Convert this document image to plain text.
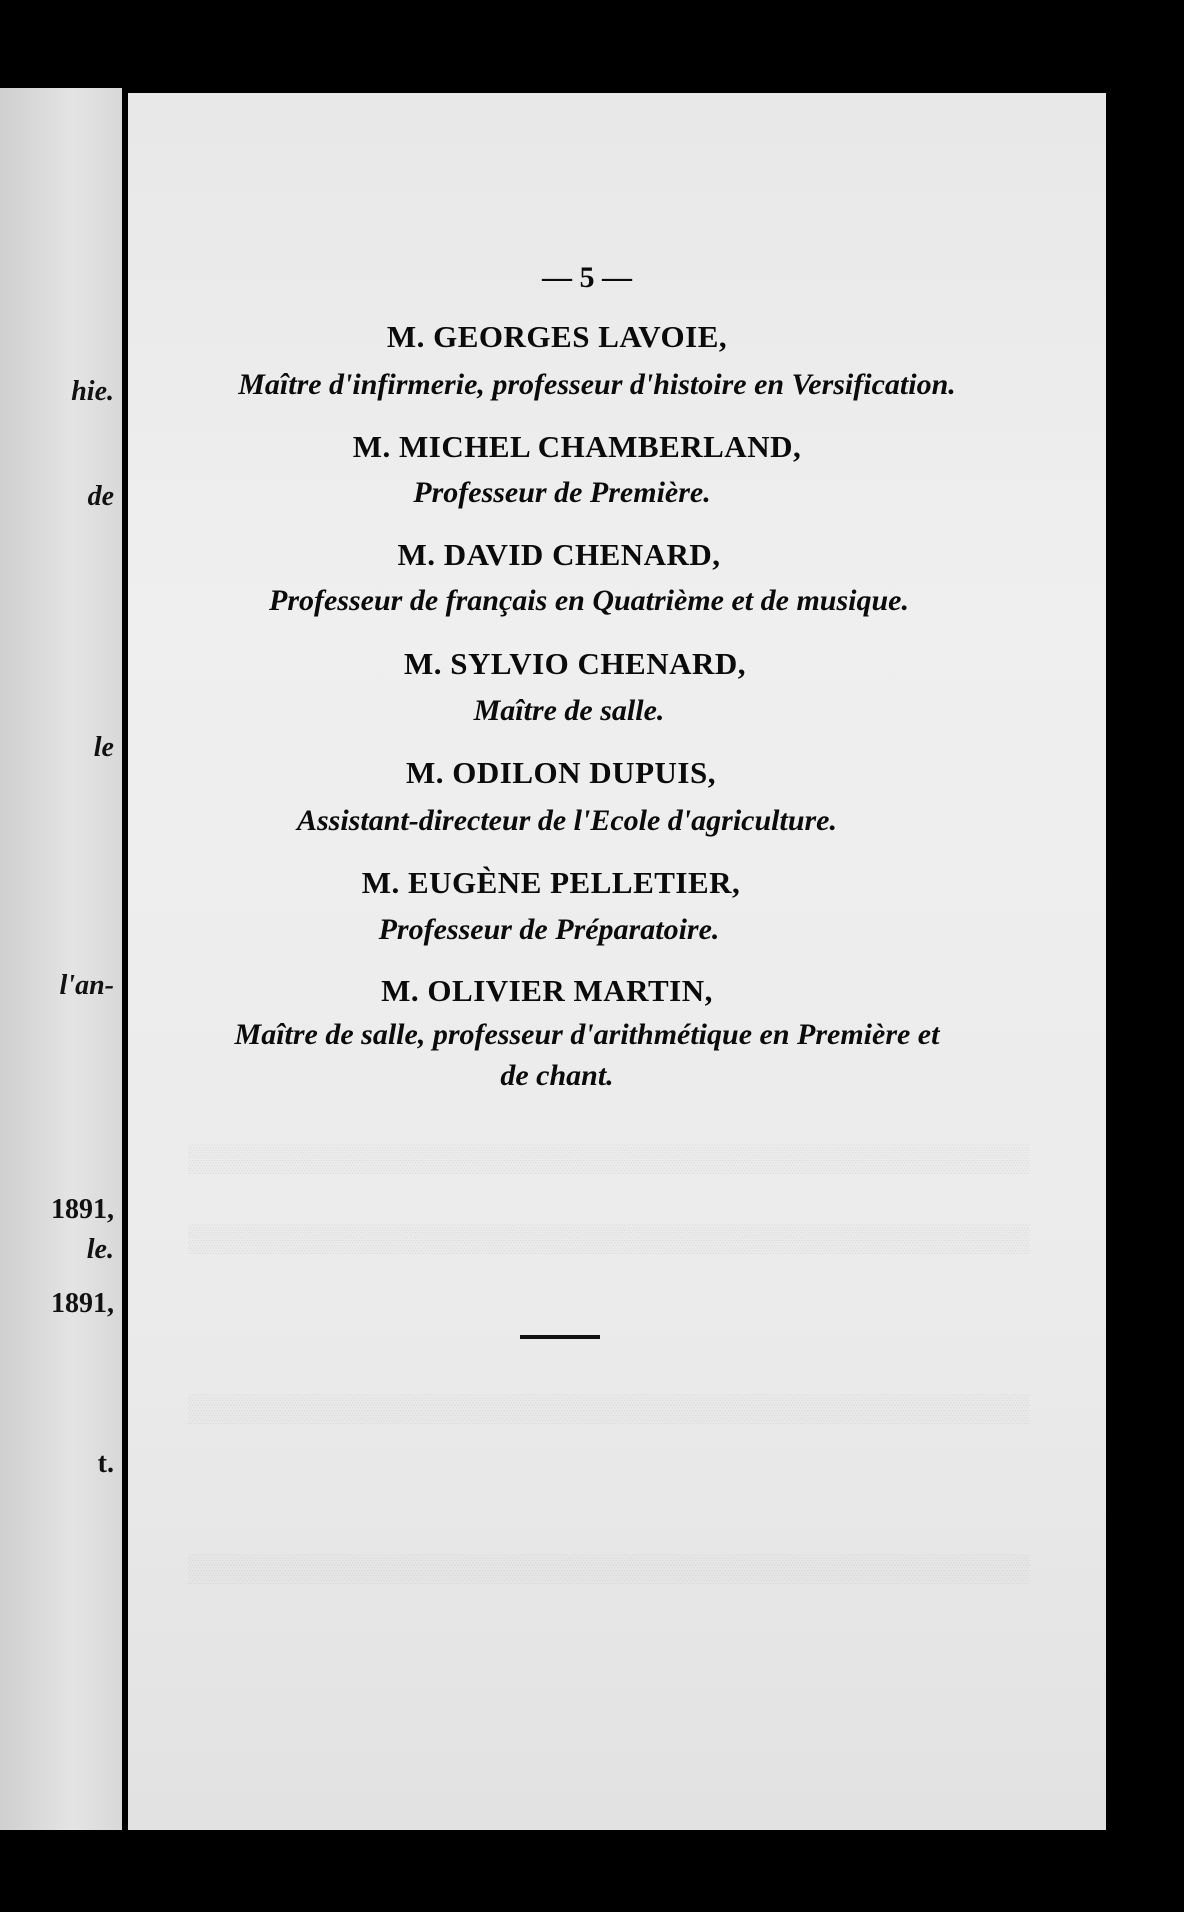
hie.
de
le
l'an-
1891,
le.
1891,
t.
▒▒▒▒▒▒▒▒▒▒▒▒▒▒▒▒▒▒▒▒▒▒▒▒▒▒▒▒▒▒▒▒▒▒▒▒▒▒▒▒▒▒▒▒
▒▒▒▒▒▒▒▒▒▒▒▒▒▒▒▒▒▒▒▒▒▒▒▒▒▒▒▒▒▒▒▒▒▒▒▒▒▒▒▒▒▒▒▒
▒▒▒▒▒▒▒▒▒▒▒▒▒▒▒▒▒▒▒▒▒▒▒▒▒▒▒▒▒▒▒▒▒▒▒▒▒▒▒▒▒▒▒▒
▒▒▒▒▒▒▒▒▒▒▒▒▒▒▒▒▒▒▒▒▒▒▒▒▒▒▒▒▒▒▒▒▒▒▒▒▒▒▒▒▒▒▒▒
— 5 —
M. GEORGES LAVOIE,
Maître d'infirmerie, professeur d'histoire en Versification.
M. MICHEL CHAMBERLAND,
Professeur de Première.
M. DAVID CHENARD,
Professeur de français en Quatrième et de musique.
M. SYLVIO CHENARD,
Maître de salle.
M. ODILON DUPUIS,
Assistant-directeur de l'Ecole d'agriculture.
M. EUGÈNE PELLETIER,
Professeur de Préparatoire.
M. OLIVIER MARTIN,
Maître de salle, professeur d'arithmétique en Première et
de chant.
